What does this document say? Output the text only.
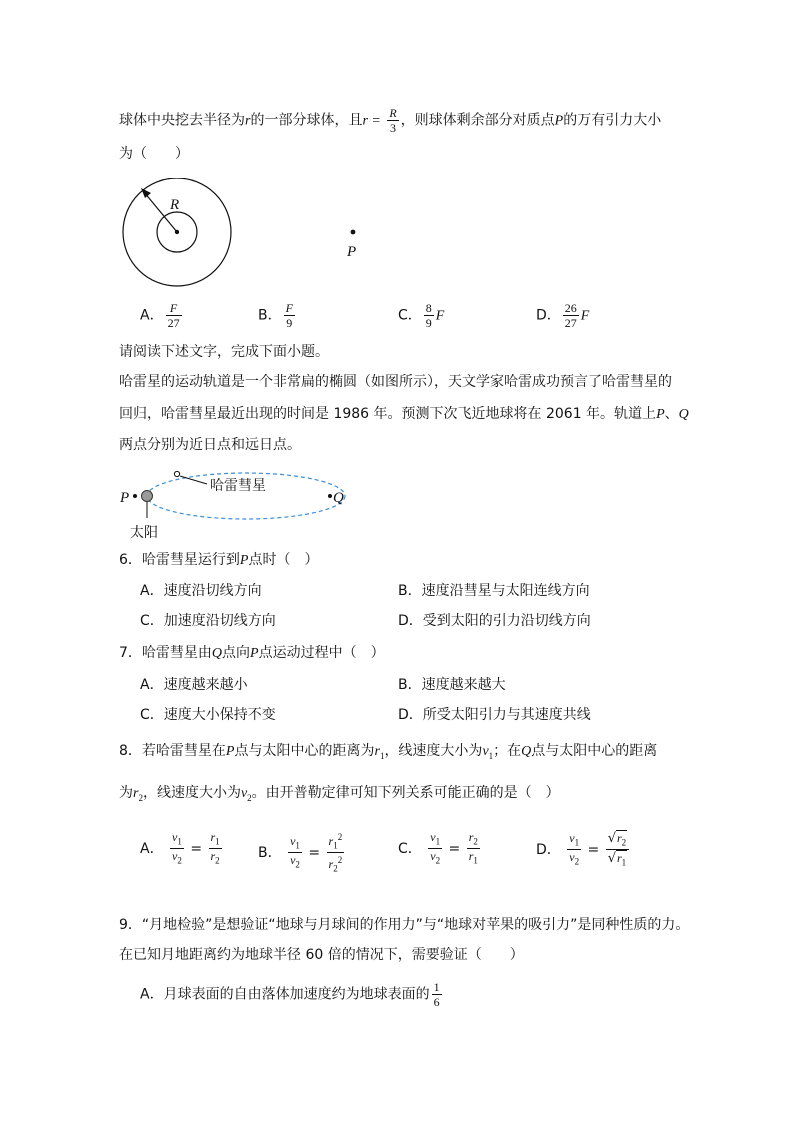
球体中央挖去半径为r的一部分球体，且$r = \frac{R}{3}$ ，则球体剩余部分对质点P的万有引力大小
为（　　）
R
P
A． $\frac{F}{27}$	B． $\frac{F}{9}$	C． $\frac{8}{9}$ F	D． $\frac{26}{27}$ F
请阅读下述文字，完成下面小题。
哈雷星的运动轨道是一个非常扁的椭圆（如图所示），天文学家哈雷成功预言了哈雷彗星的
回归，哈雷彗星最近出现的时间是 1986 年。预测下次飞近地球将在 2061 年。轨道上P、Q
两点分别为近日点和远日点。
哈雷彗星
太阳
P	Q
6．哈雷彗星运行到P点时（　）
A．速度沿切线方向	B．速度沿彗星与太阳连线方向
C．加速度沿切线方向	D．受到太阳的引力沿切线方向
7．哈雷彗星由Q点向P点运动过程中（　）
A．速度越来越小	B．速度越来越大
C．速度大小保持不变	D．所受太阳引力与其速度共线
8．若哈雷彗星在P点与太阳中心的距离为$r_1$，线速度大小为$v_1$；在Q点与太阳中心的距离
为$r_2$，线速度大小为$v_2$。由开普勒定律可知下列关系可能正确的是（　）
A． $\frac{v_1}{v_2} = \frac{r_1}{r_2}$	B． $\frac{v_1}{v_2} = \frac{r_1^2}{r_2^2}$	C． $\frac{v_1}{v_2} = \frac{r_2}{r_1}$	D． $\frac{v_1}{v_2} = \frac{√r_2}{√r_1}$
9．“月地检验”是想验证“地球与月球间的作用力”与“地球对苹果的吸引力”是同种性质的力。
在已知月地距离约为地球半径 60 倍的情况下，需要验证（　　）
A．月球表面的自由落体加速度约为地球表面的 $\frac{1}{6}$
